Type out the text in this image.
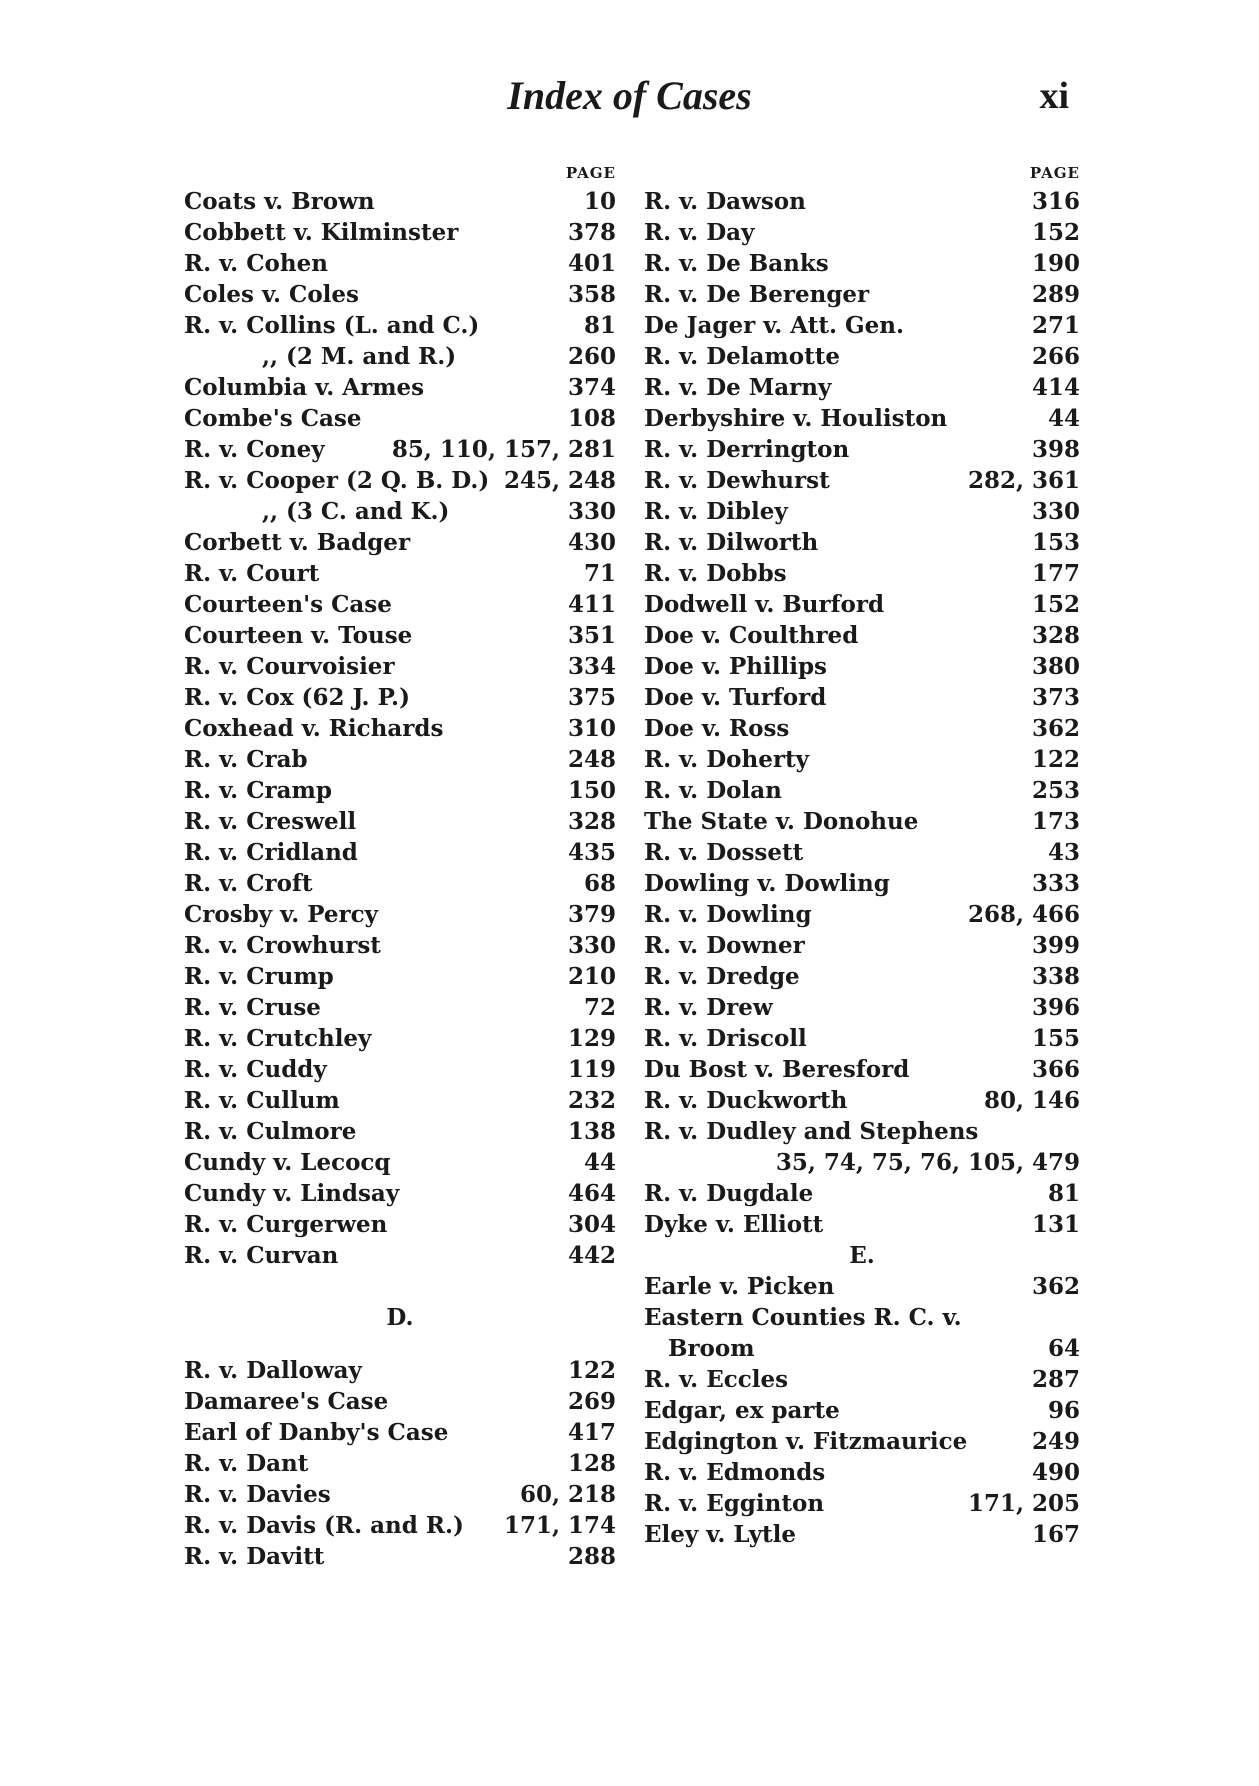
Index of Cases	xi
PAGE
Coats v. Brown	10
Cobbett v. Kilminster	378
R. v. Cohen	401
Coles v. Coles	358
R. v. Collins (L. and C.)	81
,, (2 M. and R.)	260
Columbia v. Armes	374
Combe's Case	108
R. v. Coney	85, 110, 157, 281
R. v. Cooper (2 Q. B. D.) 245, 248
,, (3 C. and K.)	330
Corbett v. Badger	430
R. v. Court	71
Courteen's Case	411
Courteen v. Touse	351
R. v. Courvoisier	334
R. v. Cox (62 J. P.)	375
Coxhead v. Richards	310
R. v. Crab	248
R. v. Cramp	150
R. v. Creswell	328
R. v. Cridland	435
R. v. Croft	68
Crosby v. Percy	379
R. v. Crowhurst	330
R. v. Crump	210
R. v. Cruse	72
R. v. Crutchley	129
R. v. Cuddy	119
R. v. Cullum	232
R. v. Culmore	138
Cundy v. Lecocq	44
Cundy v. Lindsay	464
R. v. Curgerwen	304
R. v. Curvan	442
D.
R. v. Dalloway	122
Damaree's Case	269
Earl of Danby's Case	417
R. v. Dant	128
R. v. Davies	60, 218
R. v. Davis (R. and R.) 171, 174
R. v. Davitt	288
PAGE
R. v. Dawson	316
R. v. Day	152
R. v. De Banks	190
R. v. De Berenger	289
De Jager v. Att. Gen.	271
R. v. Delamotte	266
R. v. De Marny	414
Derbyshire v. Houliston	44
R. v. Derrington	398
R. v. Dewhurst	282, 361
R. v. Dibley	330
R. v. Dilworth	153
R. v. Dobbs	177
Dodwell v. Burford	152
Doe v. Coulthred	328
Doe v. Phillips	380
Doe v. Turford	373
Doe v. Ross	362
R. v. Doherty	122
R. v. Dolan	253
The State v. Donohue	173
R. v. Dossett	43
Dowling v. Dowling	333
R. v. Dowling	268, 466
R. v. Downer	399
R. v. Dredge	338
R. v. Drew	396
R. v. Driscoll	155
Du Bost v. Beresford	366
R. v. Duckworth	80, 146
R. v. Dudley and Stephens
35, 74, 75, 76, 105, 479
R. v. Dugdale	81
Dyke v. Elliott	131
E.
Earle v. Picken	362
Eastern Counties R. C. v.
Broom	64
R. v. Eccles	287
Edgar, ex parte	96
Edgington v. Fitzmaurice	249
R. v. Edmonds	490
R. v. Egginton	171, 205
Eley v. Lytle	167
